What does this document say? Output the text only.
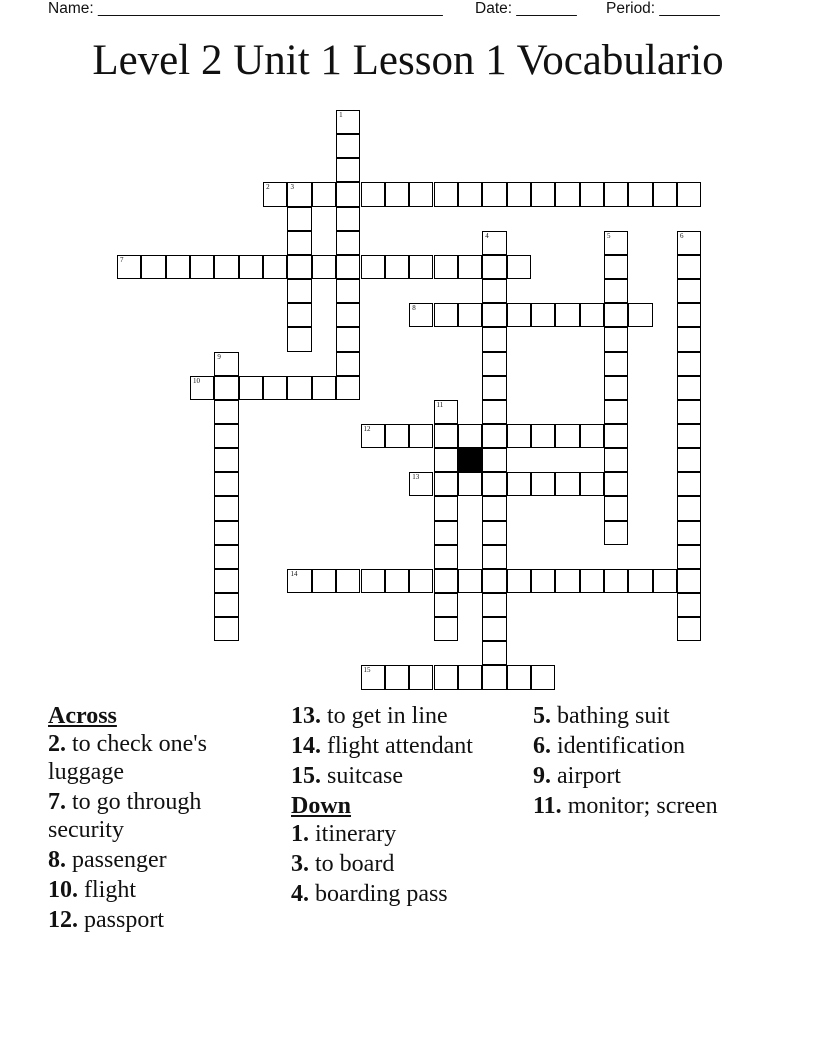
Name: ________________________________________ Date: _______ Period: _______
Level 2 Unit 1 Lesson 1 Vocabulario
1
2	3
4	5	6
7
8
9
10
11
12
13
14
15

Across

2. to check one's luggage

7. to go through security

8. passenger

10. flight

12. passport

13. to get in line

14. flight attendant

15. suitcase

Down

1. itinerary

3. to board

4. boarding pass

5. bathing suit

6. identification

9. airport

11. monitor; screen
